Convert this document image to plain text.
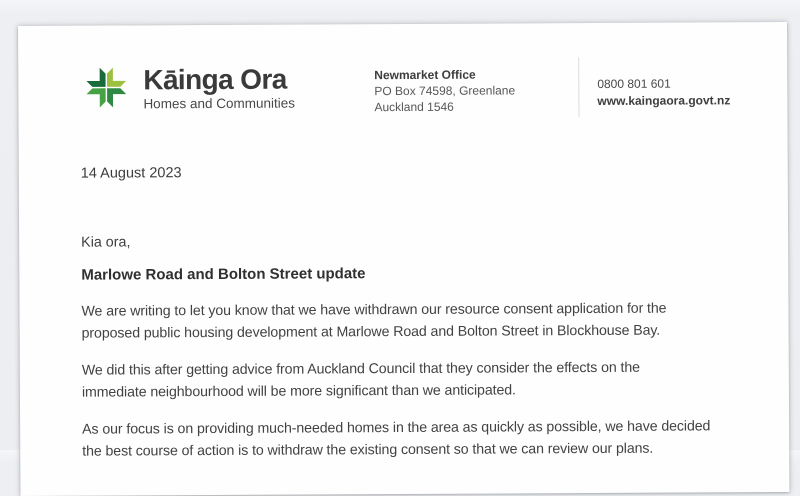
Kāinga Ora
Homes and Communities
Newmarket Office
PO Box 74598, Greenlane
Auckland 1546
0800 801 601
www.kaingaora.govt.nz
14 August 2023
Kia ora,
Marlowe Road and Bolton Street update
We are writing to let you know that we have withdrawn our resource consent application for the
proposed public housing development at Marlowe Road and Bolton Street in Blockhouse Bay.
We did this after getting advice from Auckland Council that they consider the effects on the
immediate neighbourhood will be more significant than we anticipated.
As our focus is on providing much-needed homes in the area as quickly as possible, we have decided
the best course of action is to withdraw the existing consent so that we can review our plans.
